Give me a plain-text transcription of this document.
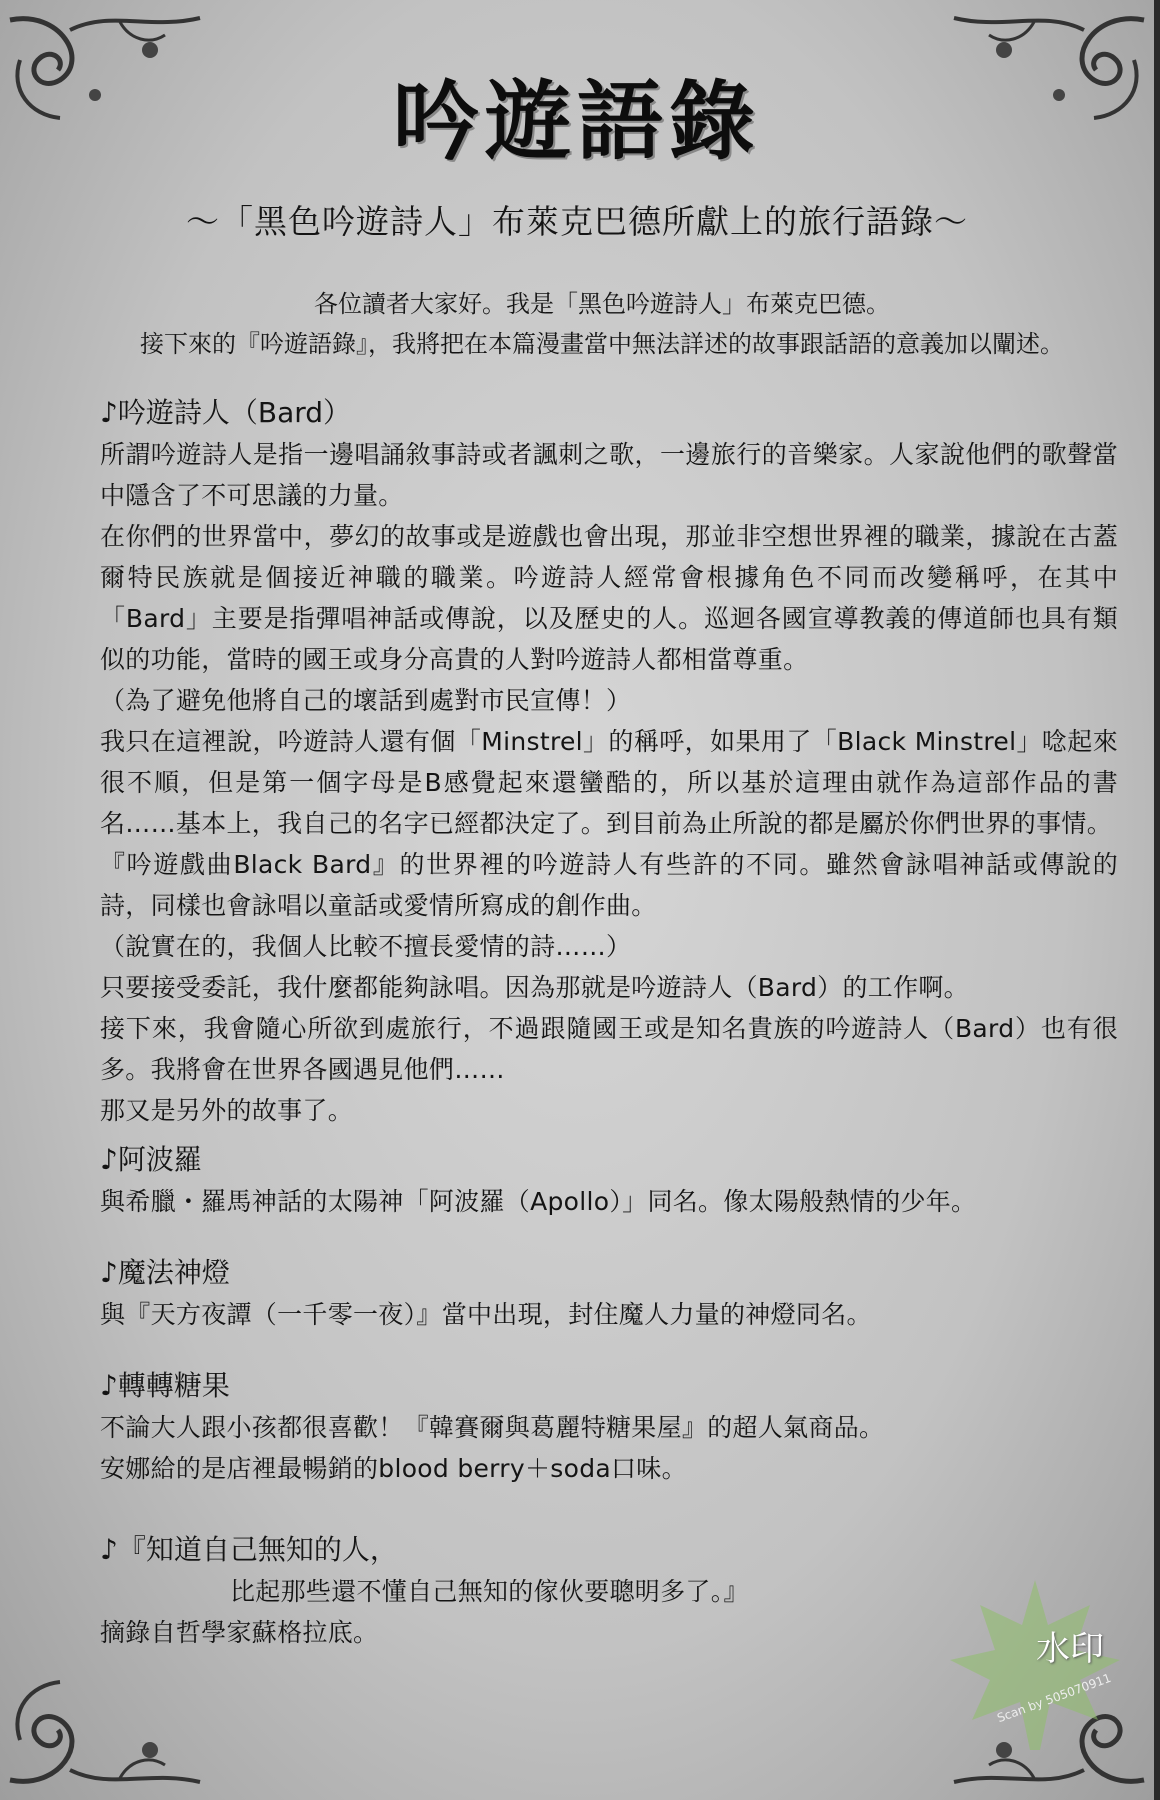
吟遊語錄
～「黑色吟遊詩人」布萊克巴德所獻上的旅行語錄～
各位讀者大家好。我是「黑色吟遊詩人」布萊克巴德。
接下來的『吟遊語錄』，我將把在本篇漫畫當中無法詳述的故事跟話語的意義加以闡述。

♪吟遊詩人（Bard）

所謂吟遊詩人是指一邊唱誦敘事詩或者諷刺之歌，一邊旅行的音樂家。人家說他們的歌聲當中隱含了不可思議的力量。

在你們的世界當中，夢幻的故事或是遊戲也會出現，那並非空想世界裡的職業，據說在古蓋爾特民族就是個接近神職的職業。吟遊詩人經常會根據角色不同而改變稱呼，在其中「Bard」主要是指彈唱神話或傳說，以及歷史的人。巡迴各國宣導教義的傳道師也具有類似的功能，當時的國王或身分高貴的人對吟遊詩人都相當尊重。

（為了避免他將自己的壞話到處對市民宣傳！）

我只在這裡說，吟遊詩人還有個「Minstrel」的稱呼，如果用了「Black Minstrel」唸起來很不順，但是第一個字母是B感覺起來還蠻酷的，所以基於這理由就作為這部作品的書名……基本上，我自己的名字已經都決定了。到目前為止所說的都是屬於你們世界的事情。

『吟遊戲曲Black Bard』的世界裡的吟遊詩人有些許的不同。雖然會詠唱神話或傳說的詩，同樣也會詠唱以童話或愛情所寫成的創作曲。

（說實在的，我個人比較不擅長愛情的詩……）

只要接受委託，我什麼都能夠詠唱。因為那就是吟遊詩人（Bard）的工作啊。

接下來，我會隨心所欲到處旅行，不過跟隨國王或是知名貴族的吟遊詩人（Bard）也有很多。我將會在世界各國遇見他們……

那又是另外的故事了。

♪阿波羅

與希臘・羅馬神話的太陽神「阿波羅（Apollo）」同名。像太陽般熱情的少年。

♪魔法神燈

與『天方夜譚（一千零一夜）』當中出現，封住魔人力量的神燈同名。

♪轉轉糖果

不論大人跟小孩都很喜歡！『韓賽爾與葛麗特糖果屋』的超人氣商品。

安娜給的是店裡最暢銷的blood berry＋soda口味。

♪『知道自己無知的人，

比起那些還不懂自己無知的傢伙要聰明多了。』

摘錄自哲學家蘇格拉底。	水印
Scan by 505070911
